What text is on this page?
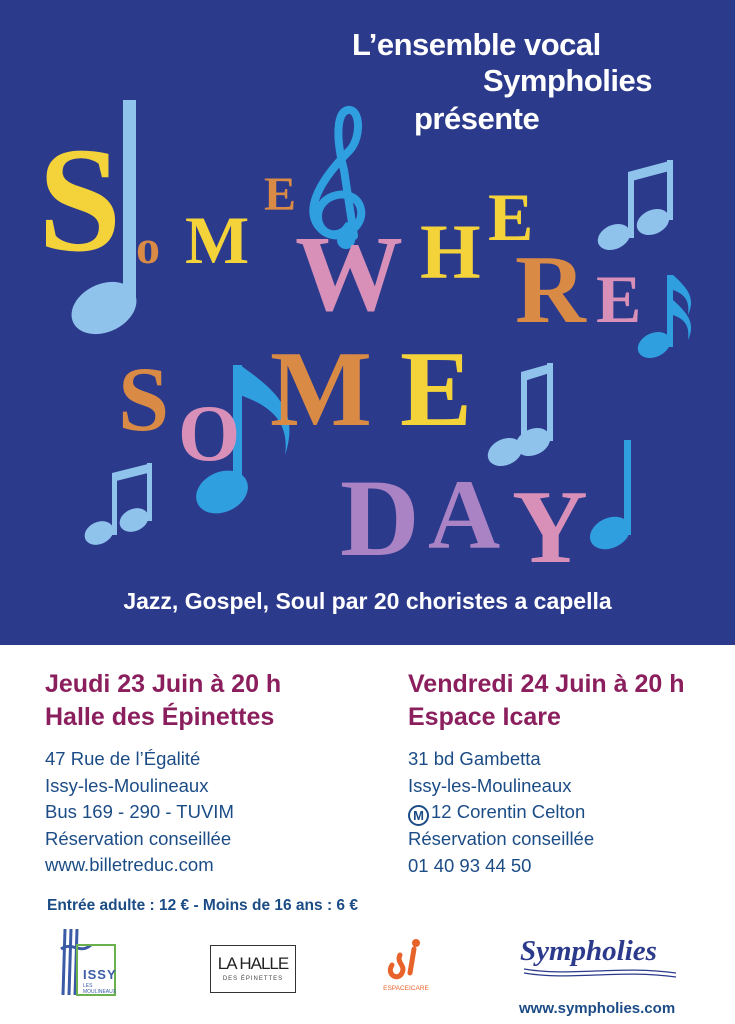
L’ensemble vocal
Sympholies
présente
S o M
E
W H E
R E
S O M E
D A Y
Jazz, Gospel, Soul par 20 choristes a capella
Jeudi 23 Juin à 20 h
Halle des Épinettes
47 Rue de l’Égalité
Issy-les-Moulineaux
Bus 169 - 290 - TUVIM
Réservation conseillée
www.billetreduc.com
Vendredi 24 Juin à 20 h
Espace Icare
31 bd Gambetta
Issy-les-Moulineaux
M 12 Corentin Celton
Réservation conseillée
01 40 93 44 50
Entrée adulte : 12 € - Moins de 16 ans : 6 €
ISSY
LES MOULINEAUX
LA HALLE
DES ÉPINETTES
ESPACEICARE
Sympholies
www.sympholies.com
